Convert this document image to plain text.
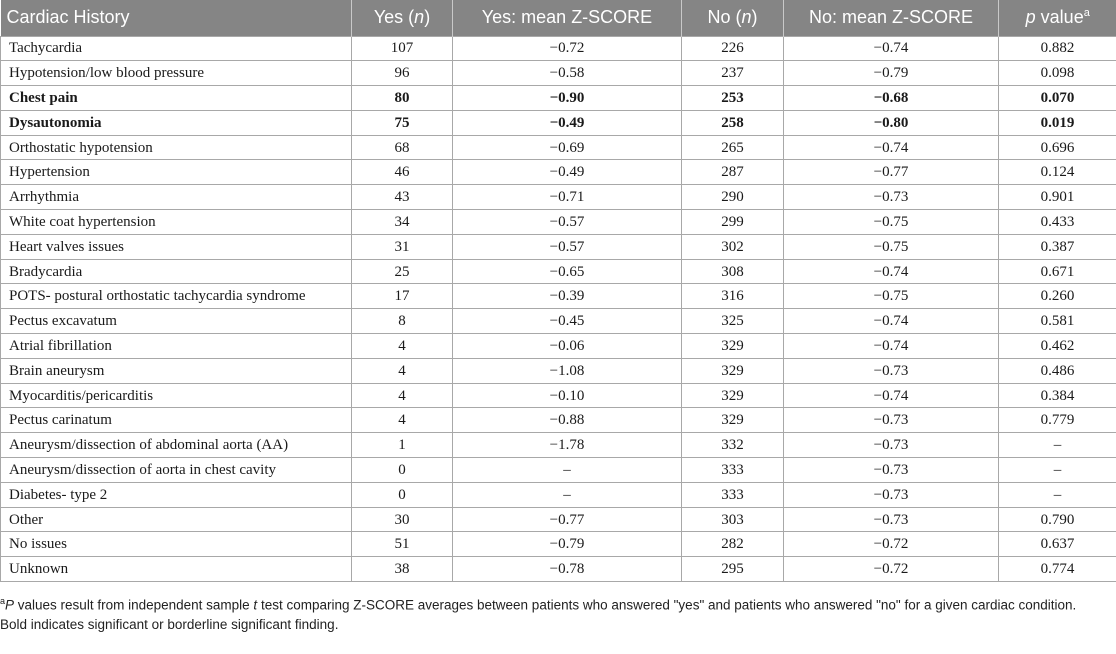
Cardiac History	Yes (n)	Yes: mean Z-SCORE	No (n)	No: mean Z-SCORE	p value$^a$
Tachycardia	107	−0.72	226	−0.74	0.882
Hypotension/low blood pressure	96	−0.58	237	−0.79	0.098
Chest pain	80	−0.90	253	−0.68	0.070
Dysautonomia	75	−0.49	258	−0.80	0.019
Orthostatic hypotension	68	−0.69	265	−0.74	0.696
Hypertension	46	−0.49	287	−0.77	0.124
Arrhythmia	43	−0.71	290	−0.73	0.901
White coat hypertension	34	−0.57	299	−0.75	0.433
Heart valves issues	31	−0.57	302	−0.75	0.387
Bradycardia	25	−0.65	308	−0.74	0.671
POTS- postural orthostatic tachycardia syndrome	17	−0.39	316	−0.75	0.260
Pectus excavatum	8	−0.45	325	−0.74	0.581
Atrial fibrillation	4	−0.06	329	−0.74	0.462
Brain aneurysm	4	−1.08	329	−0.73	0.486
Myocarditis/pericarditis	4	−0.10	329	−0.74	0.384
Pectus carinatum	4	−0.88	329	−0.73	0.779
Aneurysm/dissection of abdominal aorta (AA)	1	−1.78	332	−0.73	–
Aneurysm/dissection of aorta in chest cavity	0	–	333	−0.73	–
Diabetes- type 2	0	–	333	−0.73	–
Other	30	−0.77	303	−0.73	0.790
No issues	51	−0.79	282	−0.72	0.637
Unknown	38	−0.78	295	−0.72	0.774

$^a$P values result from independent sample t test comparing Z-SCORE averages between patients who answered "yes" and patients who answered "no" for a given cardiac condition.

Bold indicates significant or borderline significant finding.
